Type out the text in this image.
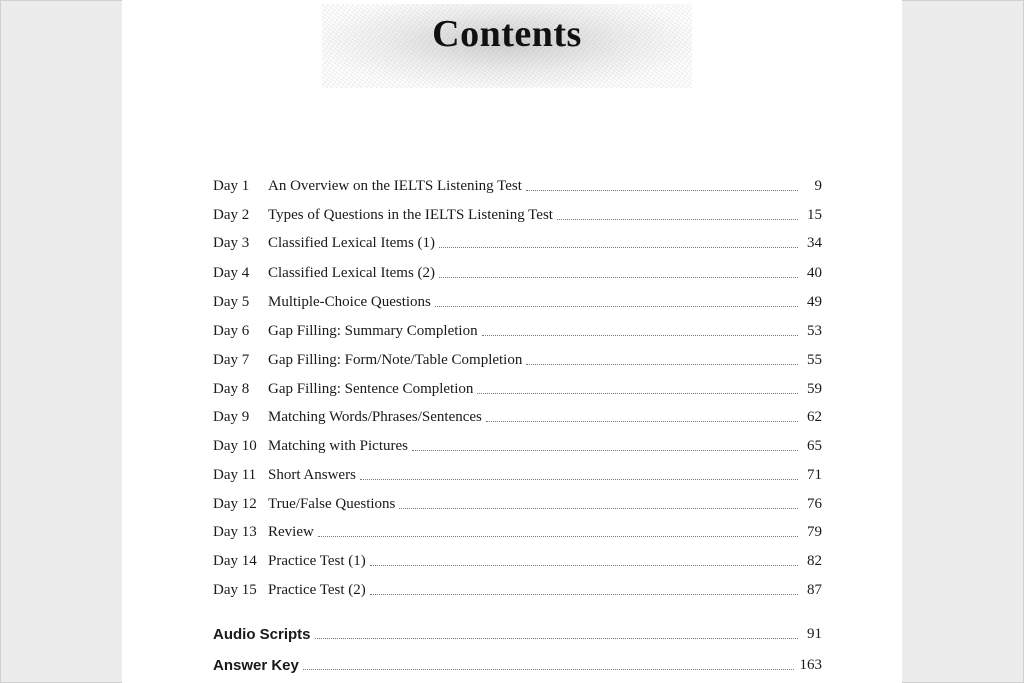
Contents
Day 1	An Overview on the IELTS Listening Test	9
Day 2	Types of Questions in the IELTS Listening Test	15
Day 3	Classified Lexical Items (1)	34
Day 4	Classified Lexical Items (2)	40
Day 5	Multiple-Choice Questions	49
Day 6	Gap Filling: Summary Completion	53
Day 7	Gap Filling: Form/Note/Table Completion	55
Day 8	Gap Filling: Sentence Completion	59
Day 9	Matching Words/Phrases/Sentences	62
Day 10 Matching with Pictures	65
Day 11 Short Answers	71
Day 12 True/False Questions	76
Day 13 Review	79
Day 14 Practice Test (1)	82
Day 15 Practice Test (2)	87
Audio Scripts	91
Answer Key	163
